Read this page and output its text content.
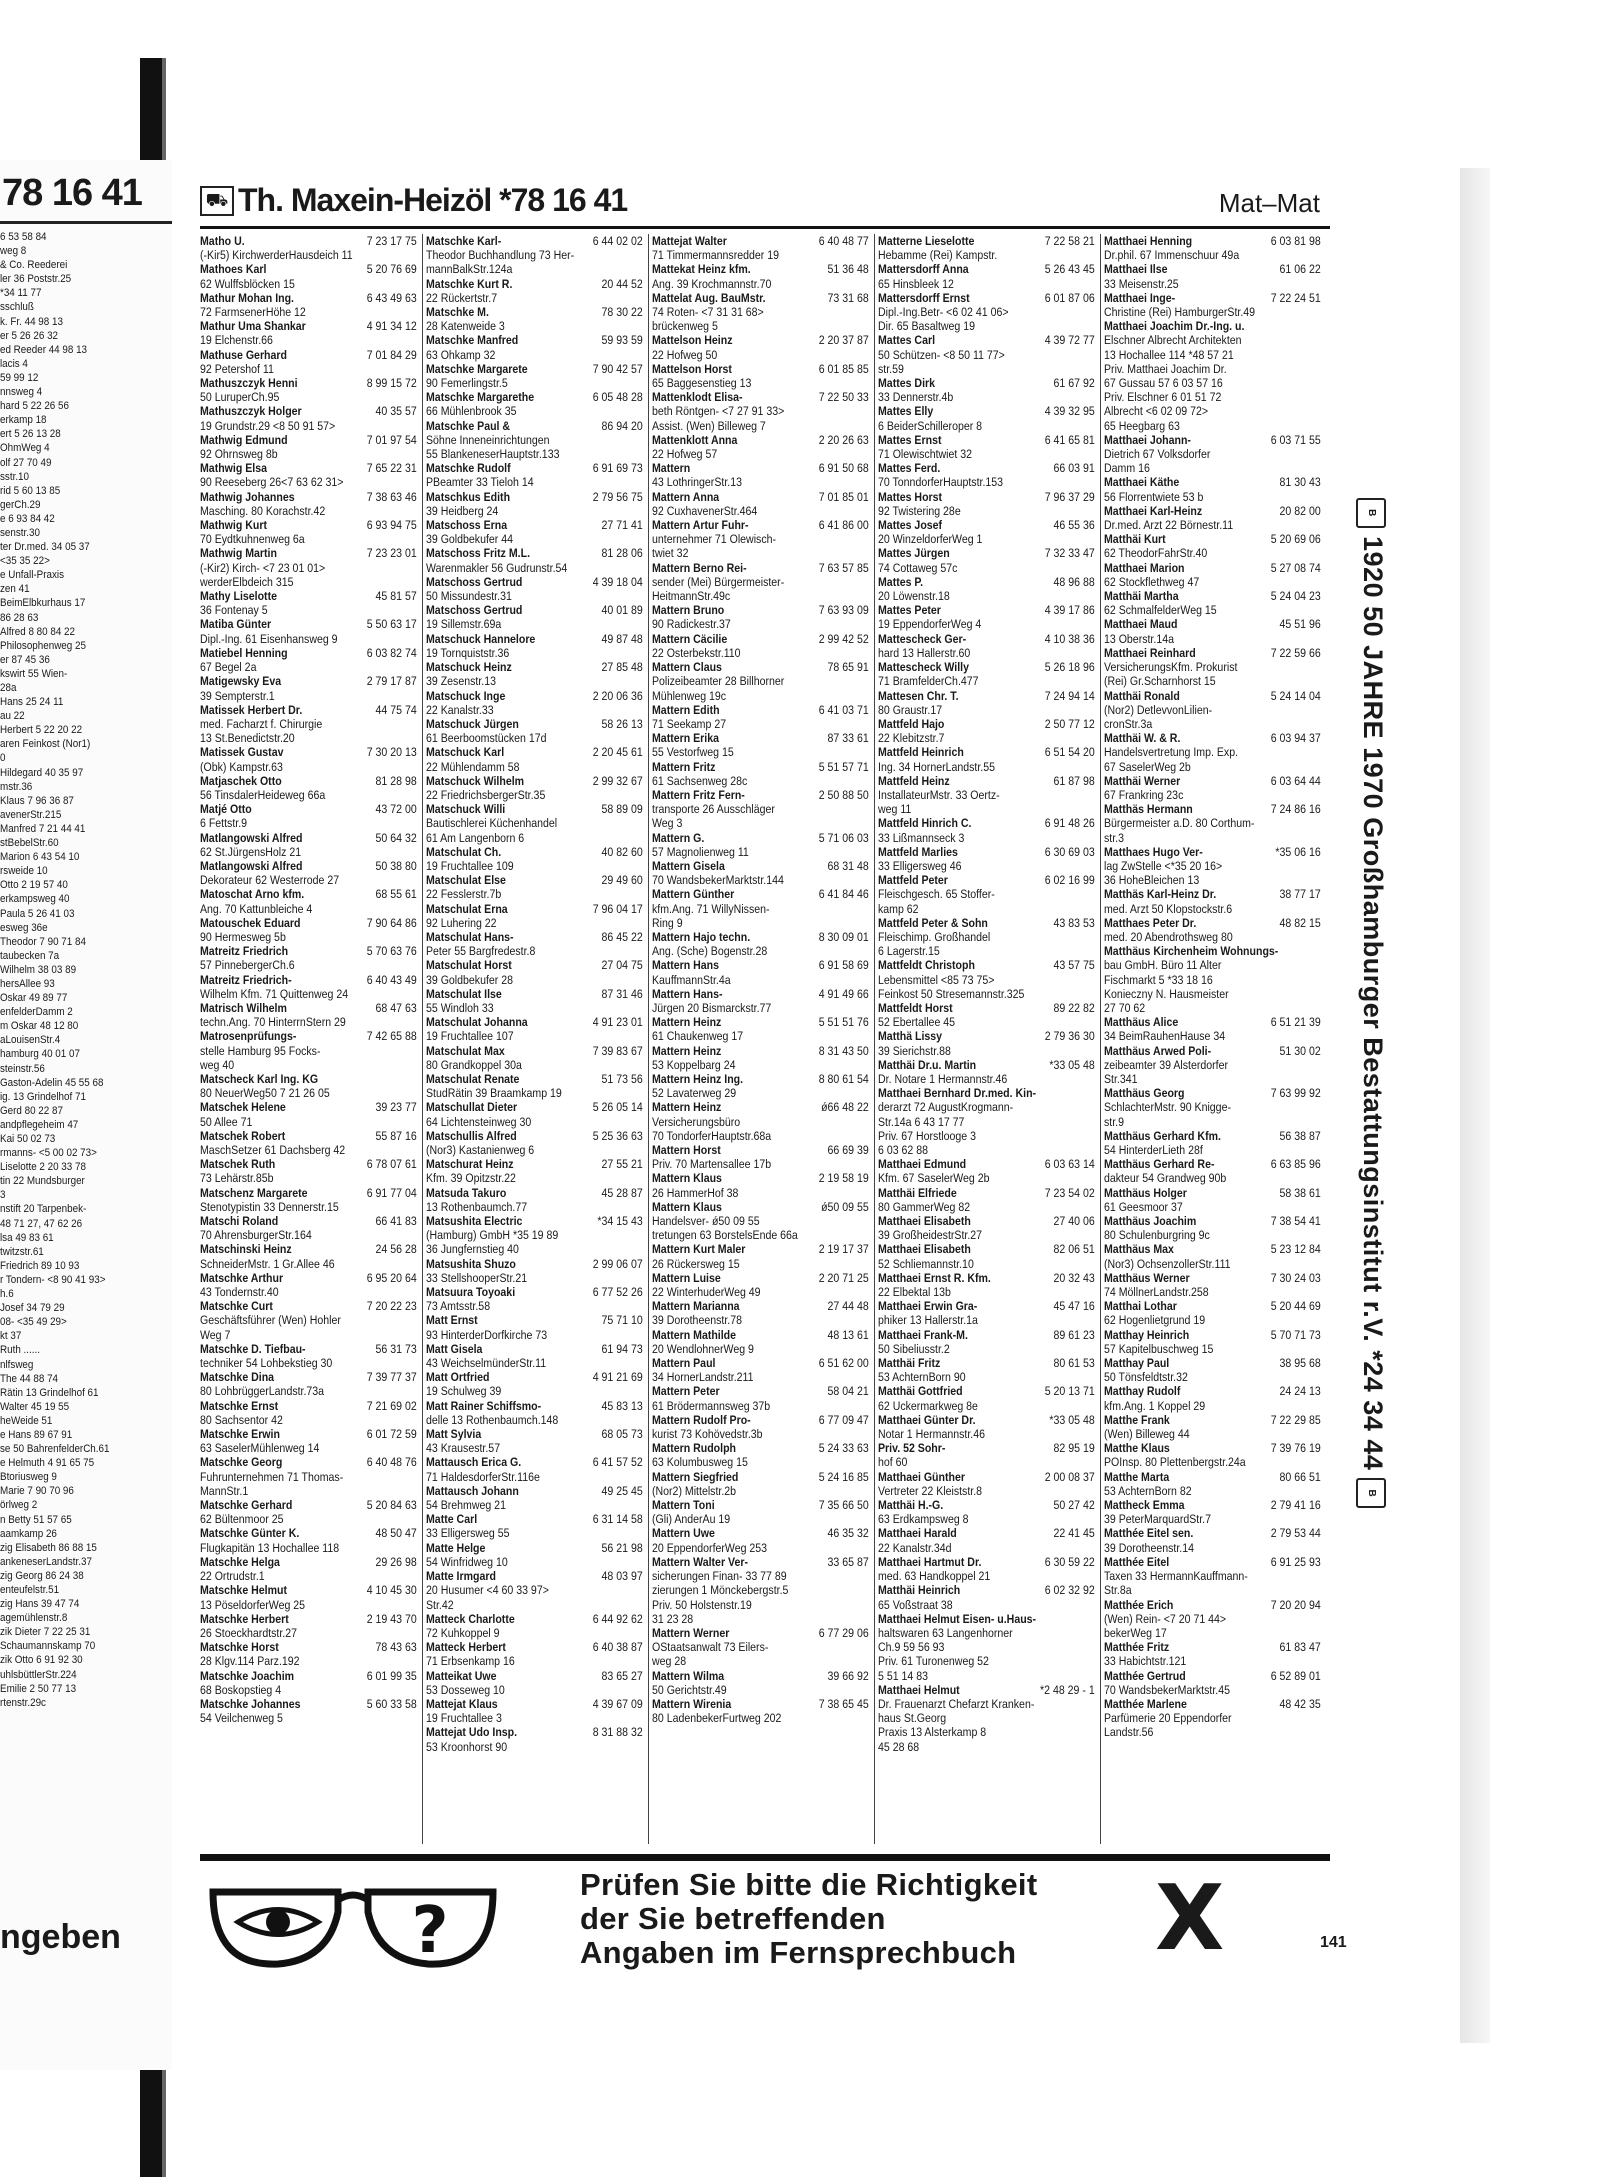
78 16 41
6 53 58 84
weg 8
& Co. Reederei
ler 36 Poststr.25
*34 11 77
sschluß
k. Fr. 44 98 13
er 5 26 26 32
ed Reeder 44 98 13
lacis 4
59 99 12
nnsweg 4
hard 5 22 26 56
erkamp 18
ert 5 26 13 28
OhmWeg 4
olf 27 70 49
sstr.10
rid 5 60 13 85
gerCh.29
e 6 93 84 42
senstr.30
ter Dr.med. 34 05 37
<35 35 22>
e Unfall-Praxis
zen 41
BeimElbkurhaus 17
86 28 63
Alfred 8 80 84 22
Philosophenweg 25
er 87 45 36
kswirt 55 Wien-
28a
Hans 25 24 11
au 22
Herbert 5 22 20 22
aren Feinkost (Nor1)
0
Hildegard 40 35 97
mstr.36
Klaus 7 96 36 87
avenerStr.215
Manfred 7 21 44 41
stBebelStr.60
Marion 6 43 54 10
rsweide 10
Otto 2 19 57 40
erkampsweg 40
Paula 5 26 41 03
esweg 36e
Theodor 7 90 71 84
taubecken 7a
Wilhelm 38 03 89
hersAllee 93
Oskar 49 89 77
enfelderDamm 2
m Oskar 48 12 80
aLouisenStr.4
hamburg 40 01 07
steinstr.56
Gaston-Adelin 45 55 68
ig. 13 Grindelhof 71
Gerd 80 22 87
andpflegeheim 47
Kai 50 02 73
rmanns- <5 00 02 73>
Liselotte 2 20 33 78
tin 22 Mundsburger
3
nstift 20 Tarpenbek-
48 71 27, 47 62 26
lsa 49 83 61
twitzstr.61
Friedrich 89 10 93
r Tondern- <8 90 41 93>
h.6
Josef 34 79 29
08- <35 49 29>
kt 37
Ruth ......
nlfsweg
The 44 88 74
Rätin 13 Grindelhof 61
Walter 45 19 55
heWeide 51
e Hans 89 67 91
se 50 BahrenfelderCh.61
e Helmuth 4 91 65 75
Btoriusweg 9
Marie 7 90 70 96
örlweg 2
n Betty 51 57 65
aamkamp 26
zig Elisabeth 86 88 15
ankeneserLandstr.37
zig Georg 86 24 38
enteufelstr.51
zig Hans 39 47 74
agemühlenstr.8
zik Dieter 7 22 25 31
Schaumannskamp 70
zik Otto 6 91 92 30
uhlsbüttlerStr.224
Emilie 2 50 77 13
rtenstr.29c
ngeben
⛟ Th. Maxein-Heizöl *78 16 41	Mat–Mat
Matho U.	7 23 17 75
(-Kir5) KirchwerderHausdeich 11
Mathoes Karl	5 20 76 69
62 Wulffsblöcken 15
Mathur Mohan Ing.	6 43 49 63
72 FarmsenerHöhe 12
Mathur Uma Shankar	4 91 34 12
19 Elchenstr.66
Mathuse Gerhard	7 01 84 29
92 Petershof 11
Mathuszczyk Henni	8 99 15 72
50 LuruperCh.95
Mathuszczyk Holger	40 35 57
19 Grundstr.29 <8 50 91 57>
Mathwig Edmund	7 01 97 54
92 Ohrnsweg 8b
Mathwig Elsa	7 65 22 31
90 Reeseberg 26<7 63 62 31>
Mathwig Johannes	7 38 63 46
Masching. 80 Korachstr.42
Mathwig Kurt	6 93 94 75
70 Eydtkuhnenweg 6a
Mathwig Martin	7 23 23 01
(-Kir2) Kirch- <7 23 01 01>
werderElbdeich 315
Mathy Liselotte	45 81 57
36 Fontenay 5
Matiba Günter	5 50 63 17
Dipl.-Ing. 61 Eisenhansweg 9
Matiebel Henning	6 03 82 74
67 Begel 2a
Matigewsky Eva	2 79 17 87
39 Sempterstr.1
Matissek Herbert Dr.	44 75 74
med. Facharzt f. Chirurgie
13 St.Benedictstr.20
Matissek Gustav	7 30 20 13
(Obk) Kampstr.63
Matjaschek Otto	81 28 98
56 TinsdalerHeideweg 66a
Matjé Otto	43 72 00
6 Fettstr.9
Matlangowski Alfred	50 64 32
62 St.JürgensHolz 21
Matlangowski Alfred	50 38 80
Dekorateur 62 Westerrode 27
Matoschat Arno kfm.	68 55 61
Ang. 70 Kattunbleiche 4
Matouschek Eduard	7 90 64 86
90 Hermesweg 5b
Matreitz Friedrich	5 70 63 76
57 PinnebergerCh.6
Matreitz Friedrich-	6 40 43 49
Wilhelm Kfm. 71 Quittenweg 24
Matrisch Wilhelm	68 47 63
techn.Ang. 70 HinterrnStern 29
Matrosenprüfungs-	7 42 65 88
stelle Hamburg 95 Focks-
weg 40
Matscheck Karl Ing. KG
80 NeuerWeg50 7 21 26 05
Matschek Helene	39 23 77
50 Allee 71
Matschek Robert	55 87 16
MaschSetzer 61 Dachsberg 42
Matschek Ruth	6 78 07 61
73 Lehärstr.85b
Matschenz Margarete	6 91 77 04
Stenotypistin 33 Dennerstr.15
Matschi Roland	66 41 83
70 AhrensburgerStr.164
Matschinski Heinz	24 56 28
SchneiderMstr. 1 Gr.Allee 46
Matschke Arthur	6 95 20 64
43 Tondernstr.40
Matschke Curt	7 20 22 23
Geschäftsführer (Wen) Hohler
Weg 7
Matschke D. Tiefbau-	56 31 73
techniker 54 Lohbekstieg 30
Matschke Dina	7 39 77 37
80 LohbrüggerLandstr.73a
Matschke Ernst	7 21 69 02
80 Sachsentor 42
Matschke Erwin	6 01 72 59
63 SaselerMühlenweg 14
Matschke Georg	6 40 48 76
Fuhrunternehmen 71 Thomas-
MannStr.1
Matschke Gerhard	5 20 84 63
62 Bültenmoor 25
Matschke Günter K.	48 50 47
Flugkapitän 13 Hochallee 118
Matschke Helga	29 26 98
22 Ortrudstr.1
Matschke Helmut	4 10 45 30
13 PöseldorferWeg 25
Matschke Herbert	2 19 43 70
26 Stoeckhardtstr.27
Matschke Horst	78 43 63
28 Klgv.114 Parz.192
Matschke Joachim	6 01 99 35
68 Boskopstieg 4
Matschke Johannes	5 60 33 58
54 Veilchenweg 5
Matschke Karl-	6 44 02 02
Theodor Buchhandlung 73 Her-
mannBalkStr.124a
Matschke Kurt R.	20 44 52
22 Rückertstr.7
Matschke M.	78 30 22
28 Katenweide 3
Matschke Manfred	59 93 59
63 Ohkamp 32
Matschke Margarete	7 90 42 57
90 Femerlingstr.5
Matschke Margarethe	6 05 48 28
66 Mühlenbrook 35
Matschke Paul &	86 94 20
Söhne Inneneinrichtungen
55 BlankeneserHauptstr.133
Matschke Rudolf	6 91 69 73
PBeamter 33 Tieloh 14
Matschkus Edith	2 79 56 75
39 Heidberg 24
Matschoss Erna	27 71 41
39 Goldbekufer 44
Matschoss Fritz M.L.	81 28 06
Warenmakler 56 Gudrunstr.54
Matschoss Gertrud	4 39 18 04
50 Missundestr.31
Matschoss Gertrud	40 01 89
19 Sillemstr.69a
Matschuck Hannelore	49 87 48
19 Tornquiststr.36
Matschuck Heinz	27 85 48
39 Zesenstr.13
Matschuck Inge	2 20 06 36
22 Kanalstr.33
Matschuck Jürgen	58 26 13
61 Beerboomstücken 17d
Matschuck Karl	2 20 45 61
22 Mühlendamm 58
Matschuck Wilhelm	2 99 32 67
22 FriedrichsbergerStr.35
Matschuck Willi	58 89 09
Bautischlerei Küchenhandel
61 Am Langenborn 6
Matschulat Ch.	40 82 60
19 Fruchtallee 109
Matschulat Else	29 49 60
22 Fesslerstr.7b
Matschulat Erna	7 96 04 17
92 Luhering 22
Matschulat Hans-	86 45 22
Peter 55 Bargfredestr.8
Matschulat Horst	27 04 75
39 Goldbekufer 28
Matschulat Ilse	87 31 46
55 Windloh 33
Matschulat Johanna	4 91 23 01
19 Fruchtallee 107
Matschulat Max	7 39 83 67
80 Grandkoppel 30a
Matschulat Renate	51 73 56
StudRätin 39 Braamkamp 19
Matschullat Dieter	5 26 05 14
64 Lichtensteinweg 30
Matschullis Alfred	5 25 36 63
(Nor3) Kastanienweg 6
Matschurat Heinz	27 55 21
Kfm. 39 Opitzstr.22
Matsuda Takuro	45 28 87
13 Rothenbaumch.77
Matsushita Electric	*34 15 43
(Hamburg) GmbH *35 19 89
36 Jungfernstieg 40
Matsushita Shuzo	2 99 06 07
33 StellshooperStr.21
Matsuura Toyoaki	6 77 52 26
73 Amtsstr.58
Matt Ernst	75 71 10
93 HinterderDorfkirche 73
Matt Gisela	61 94 73
43 WeichselmünderStr.11
Matt Ortfried	4 91 21 69
19 Schulweg 39
Matt Rainer Schiffsmo-	45 83 13
delle 13 Rothenbaumch.148
Matt Sylvia	68 05 73
43 Krausestr.57
Mattausch Erica G.	6 41 57 52
71 HaldesdorferStr.116e
Mattausch Johann	49 25 45
54 Brehmweg 21
Matte Carl	6 31 14 58
33 Elligersweg 55
Matte Helge	56 21 98
54 Winfridweg 10
Matte Irmgard	48 03 97
20 Husumer <4 60 33 97>
Str.42
Matteck Charlotte	6 44 92 62
72 Kuhkoppel 9
Matteck Herbert	6 40 38 87
71 Erbsenkamp 16
Matteikat Uwe	83 65 27
53 Dosseweg 10
Mattejat Klaus	4 39 67 09
19 Fruchtallee 3
Mattejat Udo Insp.	8 31 88 32
53 Kroonhorst 90
Mattejat Walter	6 40 48 77
71 Timmermannsredder 19
Mattekat Heinz kfm.	51 36 48
Ang. 39 Krochmannstr.70
Mattelat Aug. BauMstr.	73 31 68
74 Roten- <7 31 31 68>
brückenweg 5
Mattelson Heinz	2 20 37 87
22 Hofweg 50
Mattelson Horst	6 01 85 85
65 Baggesenstieg 13
Mattenklodt Elisa-	7 22 50 33
beth Röntgen- <7 27 91 33>
Assist. (Wen) Billeweg 7
Mattenklott Anna	2 20 26 63
22 Hofweg 57
Mattern	6 91 50 68
43 LothringerStr.13
Mattern Anna	7 01 85 01
92 CuxhavenerStr.464
Mattern Artur Fuhr-	6 41 86 00
unternehmer 71 Olewisch-
twiet 32
Mattern Berno Rei-	7 63 57 85
sender (Mei) Bürgermeister-
HeitmannStr.49c
Mattern Bruno	7 63 93 09
90 Radickestr.37
Mattern Cäcilie	2 99 42 52
22 Osterbekstr.110
Mattern Claus	78 65 91
Polizeibeamter 28 Billhorner
Mühlenweg 19c
Mattern Edith	6 41 03 71
71 Seekamp 27
Mattern Erika	87 33 61
55 Vestorfweg 15
Mattern Fritz	5 51 57 71
61 Sachsenweg 28c
Mattern Fritz Fern-	2 50 88 50
transporte 26 Ausschläger
Weg 3
Mattern G.	5 71 06 03
57 Magnolienweg 11
Mattern Gisela	68 31 48
70 WandsbekerMarktstr.144
Mattern Günther	6 41 84 46
kfm.Ang. 71 WillyNissen-
Ring 9
Mattern Hajo techn.	8 30 09 01
Ang. (Sche) Bogenstr.28
Mattern Hans	6 91 58 69
KauffmannStr.4a
Mattern Hans-	4 91 49 66
Jürgen 20 Bismarckstr.77
Mattern Heinz	5 51 51 76
61 Chaukenweg 17
Mattern Heinz	8 31 43 50
53 Koppelbarg 24
Mattern Heinz Ing.	8 80 61 54
52 Lavaterweg 29
Mattern Heinz	ǿ66 48 22
Versicherungsbüro
70 TondorferHauptstr.68a
Mattern Horst	66 69 39
Priv. 70 Martensallee 17b
Mattern Klaus	2 19 58 19
26 HammerHof 38
Mattern Klaus	ǿ50 09 55
Handelsver- ǿ50 09 55
tretungen 63 BorstelsEnde 66a
Mattern Kurt Maler	2 19 17 37
26 Rückersweg 15
Mattern Luise	2 20 71 25
22 WinterhuderWeg 49
Mattern Marianna	27 44 48
39 Dorotheenstr.78
Mattern Mathilde	48 13 61
20 WendlohnerWeg 9
Mattern Paul	6 51 62 00
34 HornerLandstr.211
Mattern Peter	58 04 21
61 Brödermannsweg 37b
Mattern Rudolf Pro-	6 77 09 47
kurist 73 Kohövedstr.3b
Mattern Rudolph	5 24 33 63
63 Kolumbusweg 15
Mattern Siegfried	5 24 16 85
(Nor2) Mittelstr.2b
Mattern Toni	7 35 66 50
(Gli) AnderAu 19
Mattern Uwe	46 35 32
20 EppendorferWeg 253
Mattern Walter Ver-	33 65 87
sicherungen Finan- 33 77 89
zierungen 1 Mönckebergstr.5
Priv. 50 Holstenstr.19
31 23 28
Mattern Werner	6 77 29 06
OStaatsanwalt 73 Eilers-
weg 28
Mattern Wilma	39 66 92
50 Gerichtstr.49
Mattern Wirenia	7 38 65 45
80 LadenbekerFurtweg 202
Matterne Lieselotte	7 22 58 21
Hebamme (Rei) Kampstr.
Mattersdorff Anna	5 26 43 45
65 Hinsbleek 12
Mattersdorff Ernst	6 01 87 06
Dipl.-Ing.Betr- <6 02 41 06>
Dir. 65 Basaltweg 19
Mattes Carl	4 39 72 77
50 Schützen- <8 50 11 77>
str.59
Mattes Dirk	61 67 92
33 Dennerstr.4b
Mattes Elly	4 39 32 95
6 BeiderSchilleroper 8
Mattes Ernst	6 41 65 81
71 Olewischtwiet 32
Mattes Ferd.	66 03 91
70 TonndorferHauptstr.153
Mattes Horst	7 96 37 29
92 Twistering 28e
Mattes Josef	46 55 36
20 WinzeldorferWeg 1
Mattes Jürgen	7 32 33 47
74 Cottaweg 57c
Mattes P.	48 96 88
20 Löwenstr.18
Mattes Peter	4 39 17 86
19 EppendorferWeg 4
Mattescheck Ger-	4 10 38 36
hard 13 Hallerstr.60
Mattescheck Willy	5 26 18 96
71 BramfelderCh.477
Mattesen Chr. T.	7 24 94 14
80 Graustr.17
Mattfeld Hajo	2 50 77 12
22 Klebitzstr.7
Mattfeld Heinrich	6 51 54 20
Ing. 34 HornerLandstr.55
Mattfeld Heinz	61 87 98
InstallateurMstr. 33 Oertz-
weg 11
Mattfeld Hinrich C.	6 91 48 26
33 Lißmannseck 3
Mattfeld Marlies	6 30 69 03
33 Elligersweg 46
Mattfeld Peter	6 02 16 99
Fleischgesch. 65 Stoffer-
kamp 62
Mattfeld Peter & Sohn	43 83 53
Fleischimp. Großhandel
6 Lagerstr.15
Mattfeldt Christoph	43 57 75
Lebensmittel <85 73 75>
Feinkost 50 Stresemannstr.325
Mattfeldt Horst	89 22 82
52 Ebertallee 45
Matthä Lissy	2 79 36 30
39 Sierichstr.88
Matthäi Dr.u. Martin	*33 05 48
Dr. Notare 1 Hermannstr.46
Matthaei Bernhard Dr.med. Kin-
derarzt 72 AugustKrogmann-
Str.14a 6 43 17 77
Priv. 67 Horstlooge 3
6 03 62 88
Matthaei Edmund	6 03 63 14
Kfm. 67 SaselerWeg 2b
Matthäi Elfriede	7 23 54 02
80 GammerWeg 82
Matthaei Elisabeth	27 40 06
39 GroßheidestrStr.27
Matthaei Elisabeth	82 06 51
52 Schliemannstr.10
Matthaei Ernst R. Kfm.	20 32 43
22 Elbektal 13b
Matthaei Erwin Gra-	45 47 16
phiker 13 Hallerstr.1a
Matthaei Frank-M.	89 61 23
50 Sibeliusstr.2
Matthäi Fritz	80 61 53
53 AchternBorn 90
Matthäi Gottfried	5 20 13 71
62 Uckermarkweg 8e
Matthaei Günter Dr.	*33 05 48
Notar 1 Hermannstr.46
Priv. 52 Sohr-	82 95 19
hof 60
Matthaei Günther	2 00 08 37
Vertreter 22 Kleiststr.8
Matthäi H.-G.	50 27 42
63 Erdkampsweg 8
Matthaei Harald	22 41 45
22 Kanalstr.34d
Matthaei Hartmut Dr.	6 30 59 22
med. 63 Handkoppel 21
Matthäi Heinrich	6 02 32 92
65 Voßstraat 38
Matthaei Helmut Eisen- u.Haus-
haltswaren 63 Langenhorner
Ch.9 59 56 93
Priv. 61 Turonenweg 52
5 51 14 83
Matthaei Helmut	*2 48 29 - 1
Dr. Frauenarzt Chefarzt Kranken-
haus St.Georg
Praxis 13 Alsterkamp 8
45 28 68
Matthaei Henning	6 03 81 98
Dr.phil. 67 Immenschuur 49a
Matthaei Ilse	61 06 22
33 Meisenstr.25
Matthaei Inge-	7 22 24 51
Christine (Rei) HamburgerStr.49
Matthaei Joachim Dr.-Ing. u.
Elschner Albrecht Architekten
13 Hochallee 114 *48 57 21
Priv. Matthaei Joachim Dr.
67 Gussau 57 6 03 57 16
Priv. Elschner 6 01 51 72
Albrecht <6 02 09 72>
65 Heegbarg 63
Matthaei Johann-	6 03 71 55
Dietrich 67 Volksdorfer
Damm 16
Matthaei Käthe	81 30 43
56 Florrentwiete 53 b
Matthaei Karl-Heinz	20 82 00
Dr.med. Arzt 22 Börnestr.11
Matthäi Kurt	5 20 69 06
62 TheodorFahrStr.40
Matthaei Marion	5 27 08 74
62 Stockflethweg 47
Matthäi Martha	5 24 04 23
62 SchmalfelderWeg 15
Matthaei Maud	45 51 96
13 Oberstr.14a
Matthaei Reinhard	7 22 59 66
VersicherungsKfm. Prokurist
(Rei) Gr.Scharnhorst 15
Matthäi Ronald	5 24 14 04
(Nor2) DetlevvonLilien-
cronStr.3a
Matthäi W. & R.	6 03 94 37
Handelsvertretung Imp. Exp.
67 SaselerWeg 2b
Matthäi Werner	6 03 64 44
67 Frankring 23c
Matthäs Hermann	7 24 86 16
Bürgermeister a.D. 80 Corthum-
str.3
Matthaes Hugo Ver-	*35 06 16
lag ZwStelle <*35 20 16>
36 HoheBleichen 13
Matthäs Karl-Heinz Dr.	38 77 17
med. Arzt 50 Klopstockstr.6
Matthaes Peter Dr.	48 82 15
med. 20 Abendrothsweg 80
Matthäus Kirchenheim Wohnungs-
bau GmbH. Büro 11 Alter
Fischmarkt 5 *33 18 16
Konieczny N. Hausmeister
27 70 62
Matthäus Alice	6 51 21 39
34 BeimRauhenHause 34
Matthäus Arwed Poli-	51 30 02
zeibeamter 39 Alsterdorfer
Str.341
Matthäus Georg	7 63 99 92
SchlachterMstr. 90 Knigge-
str.9
Matthäus Gerhard Kfm.	56 38 87
54 HinterderLieth 28f
Matthäus Gerhard Re-	6 63 85 96
dakteur 54 Grandweg 90b
Matthäus Holger	58 38 61
61 Geesmoor 37
Matthäus Joachim	7 38 54 41
80 Schulenburgring 9c
Matthäus Max	5 23 12 84
(Nor3) OchsenzollerStr.111
Matthäus Werner	7 30 24 03
74 MöllnerLandstr.258
Matthai Lothar	5 20 44 69
62 Hogenlietgrund 19
Matthay Heinrich	5 70 71 73
57 Kapitelbuschweg 15
Matthay Paul	38 95 68
50 Tönsfeldtstr.32
Matthay Rudolf	24 24 13
kfm.Ang. 1 Koppel 29
Matthe Frank	7 22 29 85
(Wen) Billeweg 44
Matthe Klaus	7 39 76 19
POInsp. 80 Plettenbergstr.24a
Matthe Marta	80 66 51
53 AchternBorn 82
Mattheck Emma	2 79 41 16
39 PeterMarquardStr.7
Matthée Eitel sen.	2 79 53 44
39 Dorotheenstr.14
Matthée Eitel	6 91 25 93
Taxen 33 HermannKauffmann-
Str.8a
Matthée Erich	7 20 20 94
(Wen) Rein- <7 20 71 44>
bekerWeg 17
Matthée Fritz	61 83 47
33 Habichtstr.121
Matthée Gertrud	6 52 89 01
70 WandsbekerMarktstr.45
Matthée Marlene	48 42 35
Parfümerie 20 Eppendorfer
Landstr.56
B 1920 50 JAHRE 1970 Großhamburger Bestattungsinstitut r.V. *24 34 44 B
?
Prüfen Sie bitte die Richtigkeit
der Sie betreffenden
Angaben im Fernsprechbuch X	141
